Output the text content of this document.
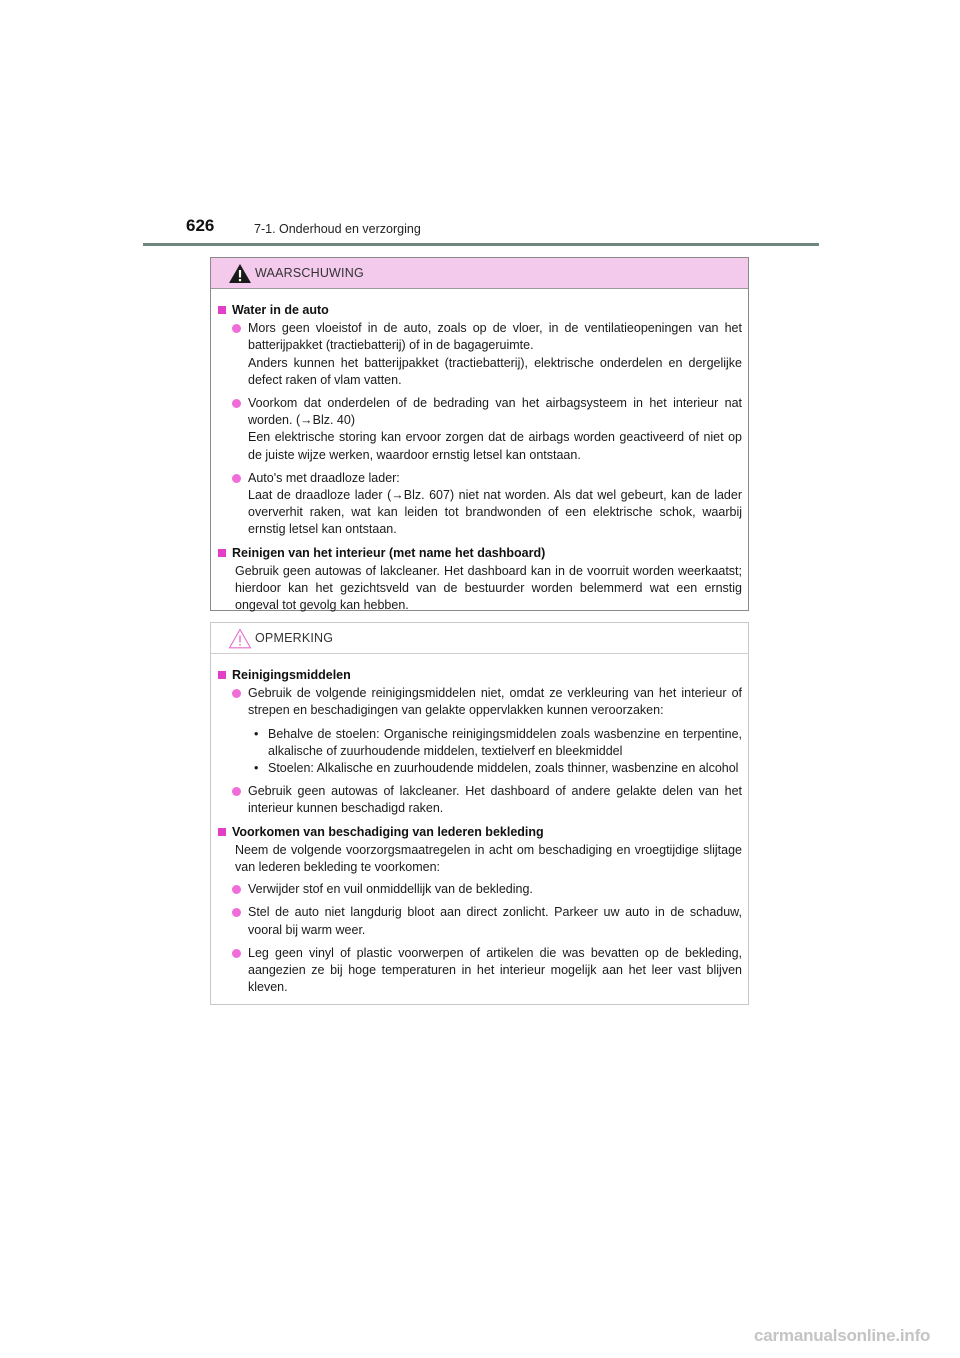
626	7-1. Onderhoud en verzorging
WAARSCHUWING
Water in de auto
Mors geen vloeistof in de auto, zoals op de vloer, in de ventilatieopeningen van het batterijpakket (tractiebatterij) of in de bagageruimte.
Anders kunnen het batterijpakket (tractiebatterij), elektrische onderdelen en dergelijke defect raken of vlam vatten.
Voorkom dat onderdelen of de bedrading van het airbagsysteem in het interieur nat worden. (→Blz. 40)
Een elektrische storing kan ervoor zorgen dat de airbags worden geactiveerd of niet op de juiste wijze werken, waardoor ernstig letsel kan ontstaan.
Auto's met draadloze lader:
Laat de draadloze lader (→Blz. 607) niet nat worden. Als dat wel gebeurt, kan de lader oververhit raken, wat kan leiden tot brandwonden of een elektrische schok, waarbij ernstig letsel kan ontstaan.
Reinigen van het interieur (met name het dashboard)
Gebruik geen autowas of lakcleaner. Het dashboard kan in de voorruit worden weerkaatst; hierdoor kan het gezichtsveld van de bestuurder worden belemmerd wat een ernstig ongeval tot gevolg kan hebben.
OPMERKING
Reinigingsmiddelen
Gebruik de volgende reinigingsmiddelen niet, omdat ze verkleuring van het interieur of strepen en beschadigingen van gelakte oppervlakken kunnen veroorzaken:
• Behalve de stoelen: Organische reinigingsmiddelen zoals wasbenzine en terpentine, alkalische of zuurhoudende middelen, textielverf en bleekmiddel
• Stoelen: Alkalische en zuurhoudende middelen, zoals thinner, wasbenzine en alcohol
Gebruik geen autowas of lakcleaner. Het dashboard of andere gelakte delen van het interieur kunnen beschadigd raken.
Voorkomen van beschadiging van lederen bekleding
Neem de volgende voorzorgsmaatregelen in acht om beschadiging en vroegtijdige slijtage van lederen bekleding te voorkomen:
Verwijder stof en vuil onmiddellijk van de bekleding.
Stel de auto niet langdurig bloot aan direct zonlicht. Parkeer uw auto in de schaduw, vooral bij warm weer.
Leg geen vinyl of plastic voorwerpen of artikelen die was bevatten op de bekleding, aangezien ze bij hoge temperaturen in het interieur mogelijk aan het leer vast blijven kleven.
carmanualsonline.info
